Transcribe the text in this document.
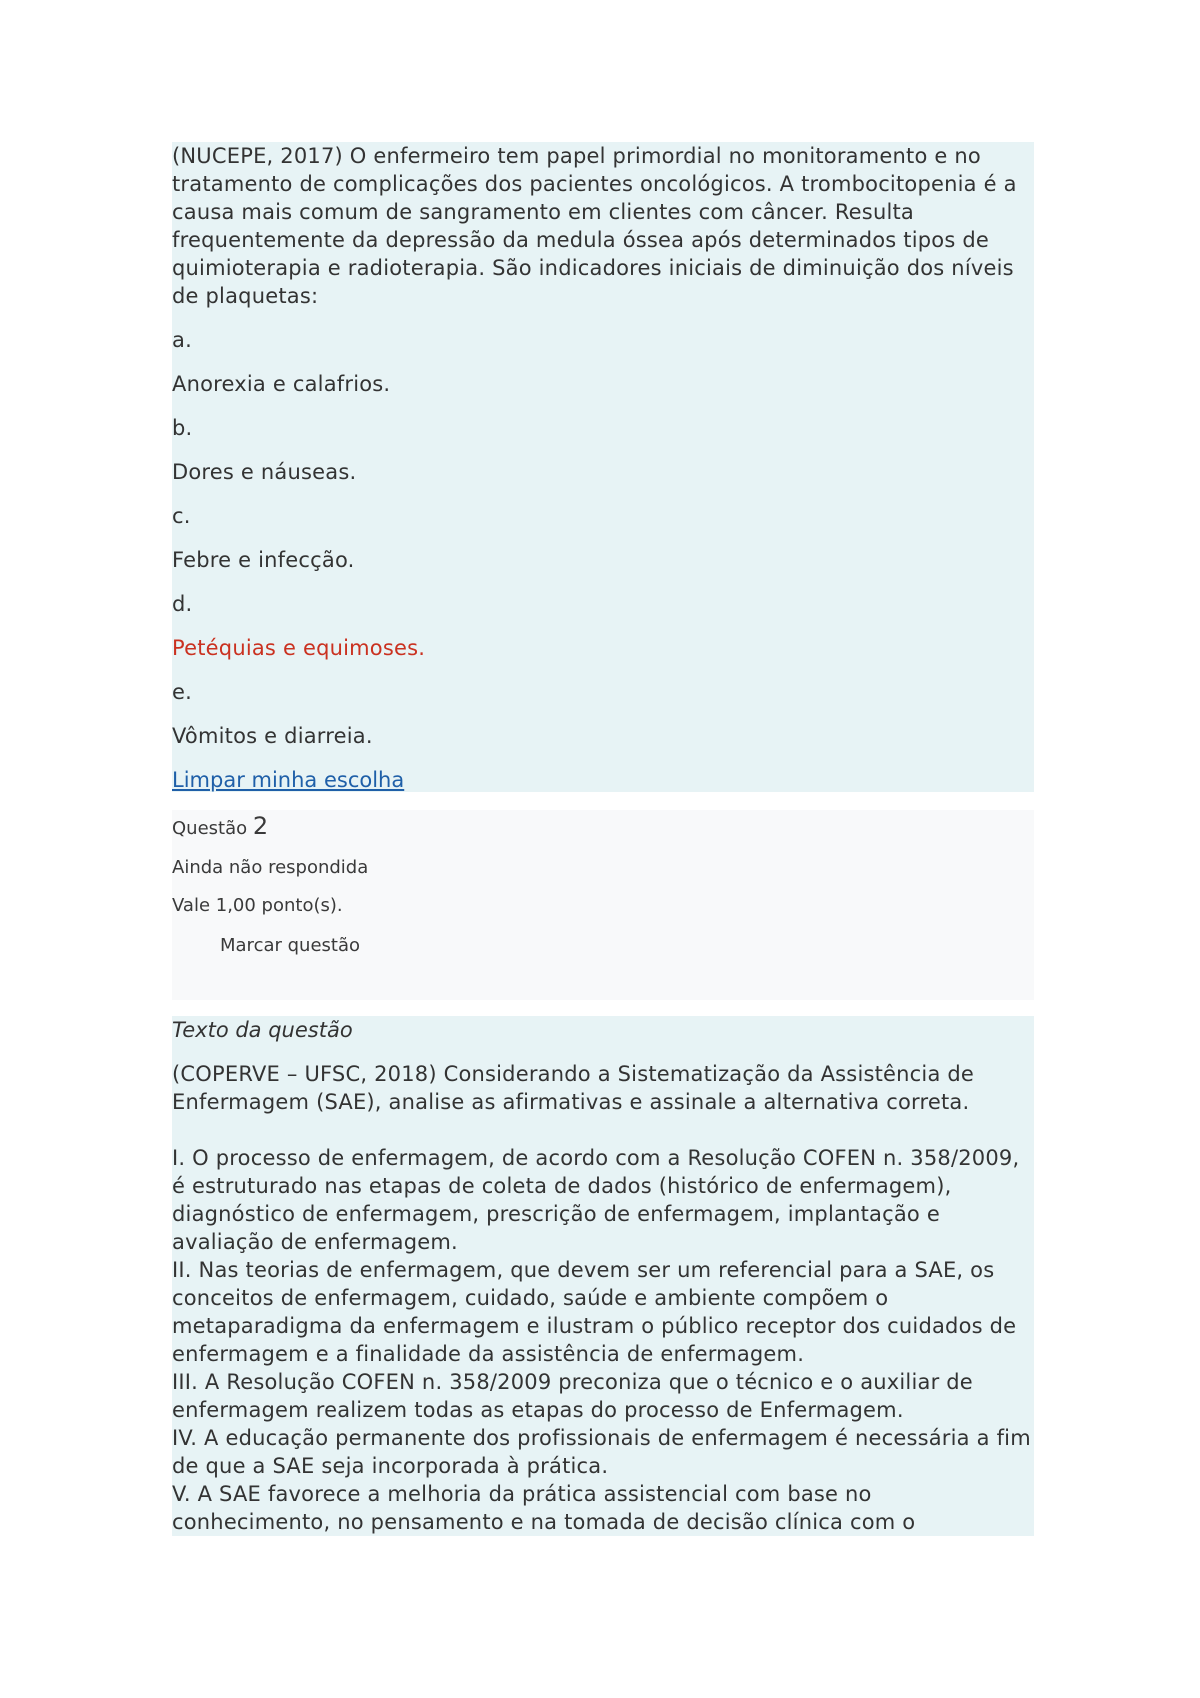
(NUCEPE, 2017) O enfermeiro tem papel primordial no monitoramento e no tratamento de complicações dos pacientes oncológicos. A trombocitopenia é a causa mais comum de sangramento em clientes com câncer. Resulta frequentemente da depressão da medula óssea após determinados tipos de quimioterapia e radioterapia. São indicadores iniciais de diminuição dos níveis de plaquetas:
a.
Anorexia e calafrios.
b.
Dores e náuseas.
c.
Febre e infecção.
d.
Petéquias e equimoses.
e.
Vômitos e diarreia.
Limpar minha escolha
Questão 2
Ainda não respondida
Vale 1,00 ponto(s).
Marcar questão
Texto da questão

(COPERVE – UFSC, 2018) Considerando a Sistematização da Assistência de Enfermagem (SAE), analise as afirmativas e assinale a alternativa correta.

I. O processo de enfermagem, de acordo com a Resolução COFEN n. 358/2009, é estruturado nas etapas de coleta de dados (histórico de enfermagem), diagnóstico de enfermagem, prescrição de enfermagem, implantação e avaliação de enfermagem.

II. Nas teorias de enfermagem, que devem ser um referencial para a SAE, os conceitos de enfermagem, cuidado, saúde e ambiente compõem o metaparadigma da enfermagem e ilustram o público receptor dos cuidados de enfermagem e a finalidade da assistência de enfermagem.

III. A Resolução COFEN n. 358/2009 preconiza que o técnico e o auxiliar de enfermagem realizem todas as etapas do processo de Enfermagem.

IV. A educação permanente dos profissionais de enfermagem é necessária a fim de que a SAE seja incorporada à prática.

V. A SAE favorece a melhoria da prática assistencial com base no conhecimento, no pensamento e na tomada de decisão clínica com o
